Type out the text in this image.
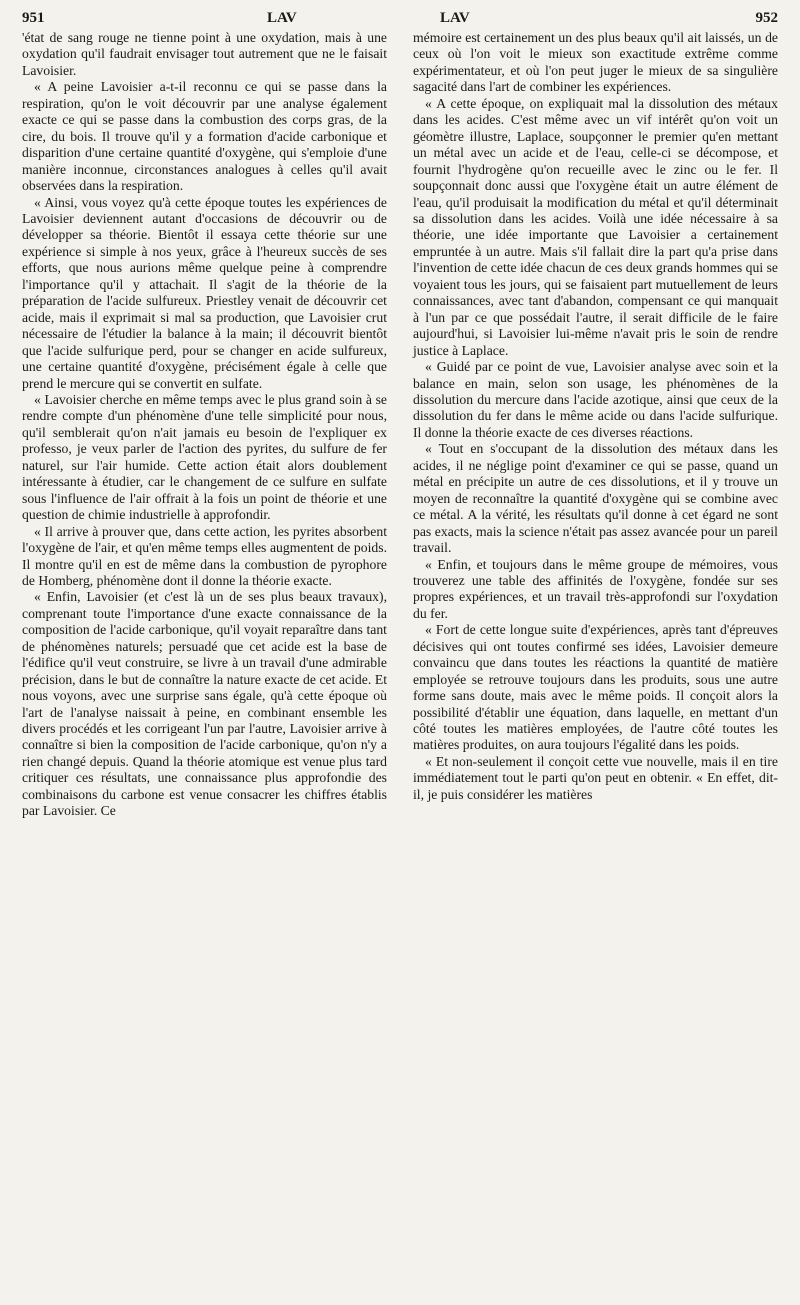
951	LAV	LAV	952

'état de sang rouge ne tienne point à une oxydation, mais à une oxydation qu'il faudrait envisager tout autrement que ne le faisait Lavoisier.

« A peine Lavoisier a-t-il reconnu ce qui se passe dans la respiration, qu'on le voit découvrir par une analyse également exacte ce qui se passe dans la combustion des corps gras, de la cire, du bois. Il trouve qu'il y a formation d'acide carbonique et disparition d'une certaine quantité d'oxygène, qui s'emploie d'une manière inconnue, circonstances analogues à celles qu'il avait observées dans la respiration.

« Ainsi, vous voyez qu'à cette époque toutes les expériences de Lavoisier deviennent autant d'occasions de découvrir ou de développer sa théorie. Bientôt il essaya cette théorie sur une expérience si simple à nos yeux, grâce à l'heureux succès de ses efforts, que nous aurions même quelque peine à comprendre l'importance qu'il y attachait. Il s'agit de la théorie de la préparation de l'acide sulfureux. Priestley venait de découvrir cet acide, mais il exprimait si mal sa production, que Lavoisier crut nécessaire de l'étudier la balance à la main; il découvrit bientôt que l'acide sulfurique perd, pour se changer en acide sulfureux, une certaine quantité d'oxygène, précisément égale à celle que prend le mercure qui se convertit en sulfate.

« Lavoisier cherche en même temps avec le plus grand soin à se rendre compte d'un phénomène d'une telle simplicité pour nous, qu'il semblerait qu'on n'ait jamais eu besoin de l'expliquer ex professo, je veux parler de l'action des pyrites, du sulfure de fer naturel, sur l'air humide. Cette action était alors doublement intéressante à étudier, car le changement de ce sulfure en sulfate sous l'influence de l'air offrait à la fois un point de théorie et une question de chimie industrielle à approfondir.

« Il arrive à prouver que, dans cette action, les pyrites absorbent l'oxygène de l'air, et qu'en même temps elles augmentent de poids. Il montre qu'il en est de même dans la combustion de pyrophore de Homberg, phénomène dont il donne la théorie exacte.

« Enfin, Lavoisier (et c'est là un de ses plus beaux travaux), comprenant toute l'importance d'une exacte connaissance de la composition de l'acide carbonique, qu'il voyait reparaître dans tant de phénomènes naturels; persuadé que cet acide est la base de l'édifice qu'il veut construire, se livre à un travail d'une admirable précision, dans le but de connaître la nature exacte de cet acide. Et nous voyons, avec une surprise sans égale, qu'à cette époque où l'art de l'analyse naissait à peine, en combinant ensemble les divers procédés et les corrigeant l'un par l'autre, Lavoisier arrive à connaître si bien la composition de l'acide carbonique, qu'on n'y a rien changé depuis. Quand la théorie atomique est venue plus tard critiquer ces résultats, une connaissance plus approfondie des combinaisons du carbone est venue consacrer les chiffres établis par Lavoisier. Ce

mémoire est certainement un des plus beaux qu'il ait laissés, un de ceux où l'on voit le mieux son exactitude extrême comme expérimentateur, et où l'on peut juger le mieux de sa singulière sagacité dans l'art de combiner les expériences.

« A cette époque, on expliquait mal la dissolution des métaux dans les acides. C'est même avec un vif intérêt qu'on voit un géomètre illustre, Laplace, soupçonner le premier qu'en mettant un métal avec un acide et de l'eau, celle-ci se décompose, et fournit l'hydrogène qu'on recueille avec le zinc ou le fer. Il soupçonnait donc aussi que l'oxygène était un autre élément de l'eau, qu'il produisait la modification du métal et qu'il déterminait sa dissolution dans les acides. Voilà une idée nécessaire à sa théorie, une idée importante que Lavoisier a certainement empruntée à un autre. Mais s'il fallait dire la part qu'a prise dans l'invention de cette idée chacun de ces deux grands hommes qui se voyaient tous les jours, qui se faisaient part mutuellement de leurs connaissances, avec tant d'abandon, compensant ce qui manquait à l'un par ce que possédait l'autre, il serait difficile de le faire aujourd'hui, si Lavoisier lui-même n'avait pris le soin de rendre justice à Laplace.

« Guidé par ce point de vue, Lavoisier analyse avec soin et la balance en main, selon son usage, les phénomènes de la dissolution du mercure dans l'acide azotique, ainsi que ceux de la dissolution du fer dans le même acide ou dans l'acide sulfurique. Il donne la théorie exacte de ces diverses réactions.

« Tout en s'occupant de la dissolution des métaux dans les acides, il ne néglige point d'examiner ce qui se passe, quand un métal en précipite un autre de ces dissolutions, et il y trouve un moyen de reconnaître la quantité d'oxygène qui se combine avec ce métal. A la vérité, les résultats qu'il donne à cet égard ne sont pas exacts, mais la science n'était pas assez avancée pour un pareil travail.

« Enfin, et toujours dans le même groupe de mémoires, vous trouverez une table des affinités de l'oxygène, fondée sur ses propres expériences, et un travail très-approfondi sur l'oxydation du fer.

« Fort de cette longue suite d'expériences, après tant d'épreuves décisives qui ont toutes confirmé ses idées, Lavoisier demeure convaincu que dans toutes les réactions la quantité de matière employée se retrouve toujours dans les produits, sous une autre forme sans doute, mais avec le même poids. Il conçoit alors la possibilité d'établir une équation, dans laquelle, en mettant d'un côté toutes les matières employées, de l'autre côté toutes les matières produites, on aura toujours l'égalité dans les poids.

« Et non-seulement il conçoit cette vue nouvelle, mais il en tire immédiatement tout le parti qu'on peut en obtenir. « En effet, dit-il, je puis considérer les matières
